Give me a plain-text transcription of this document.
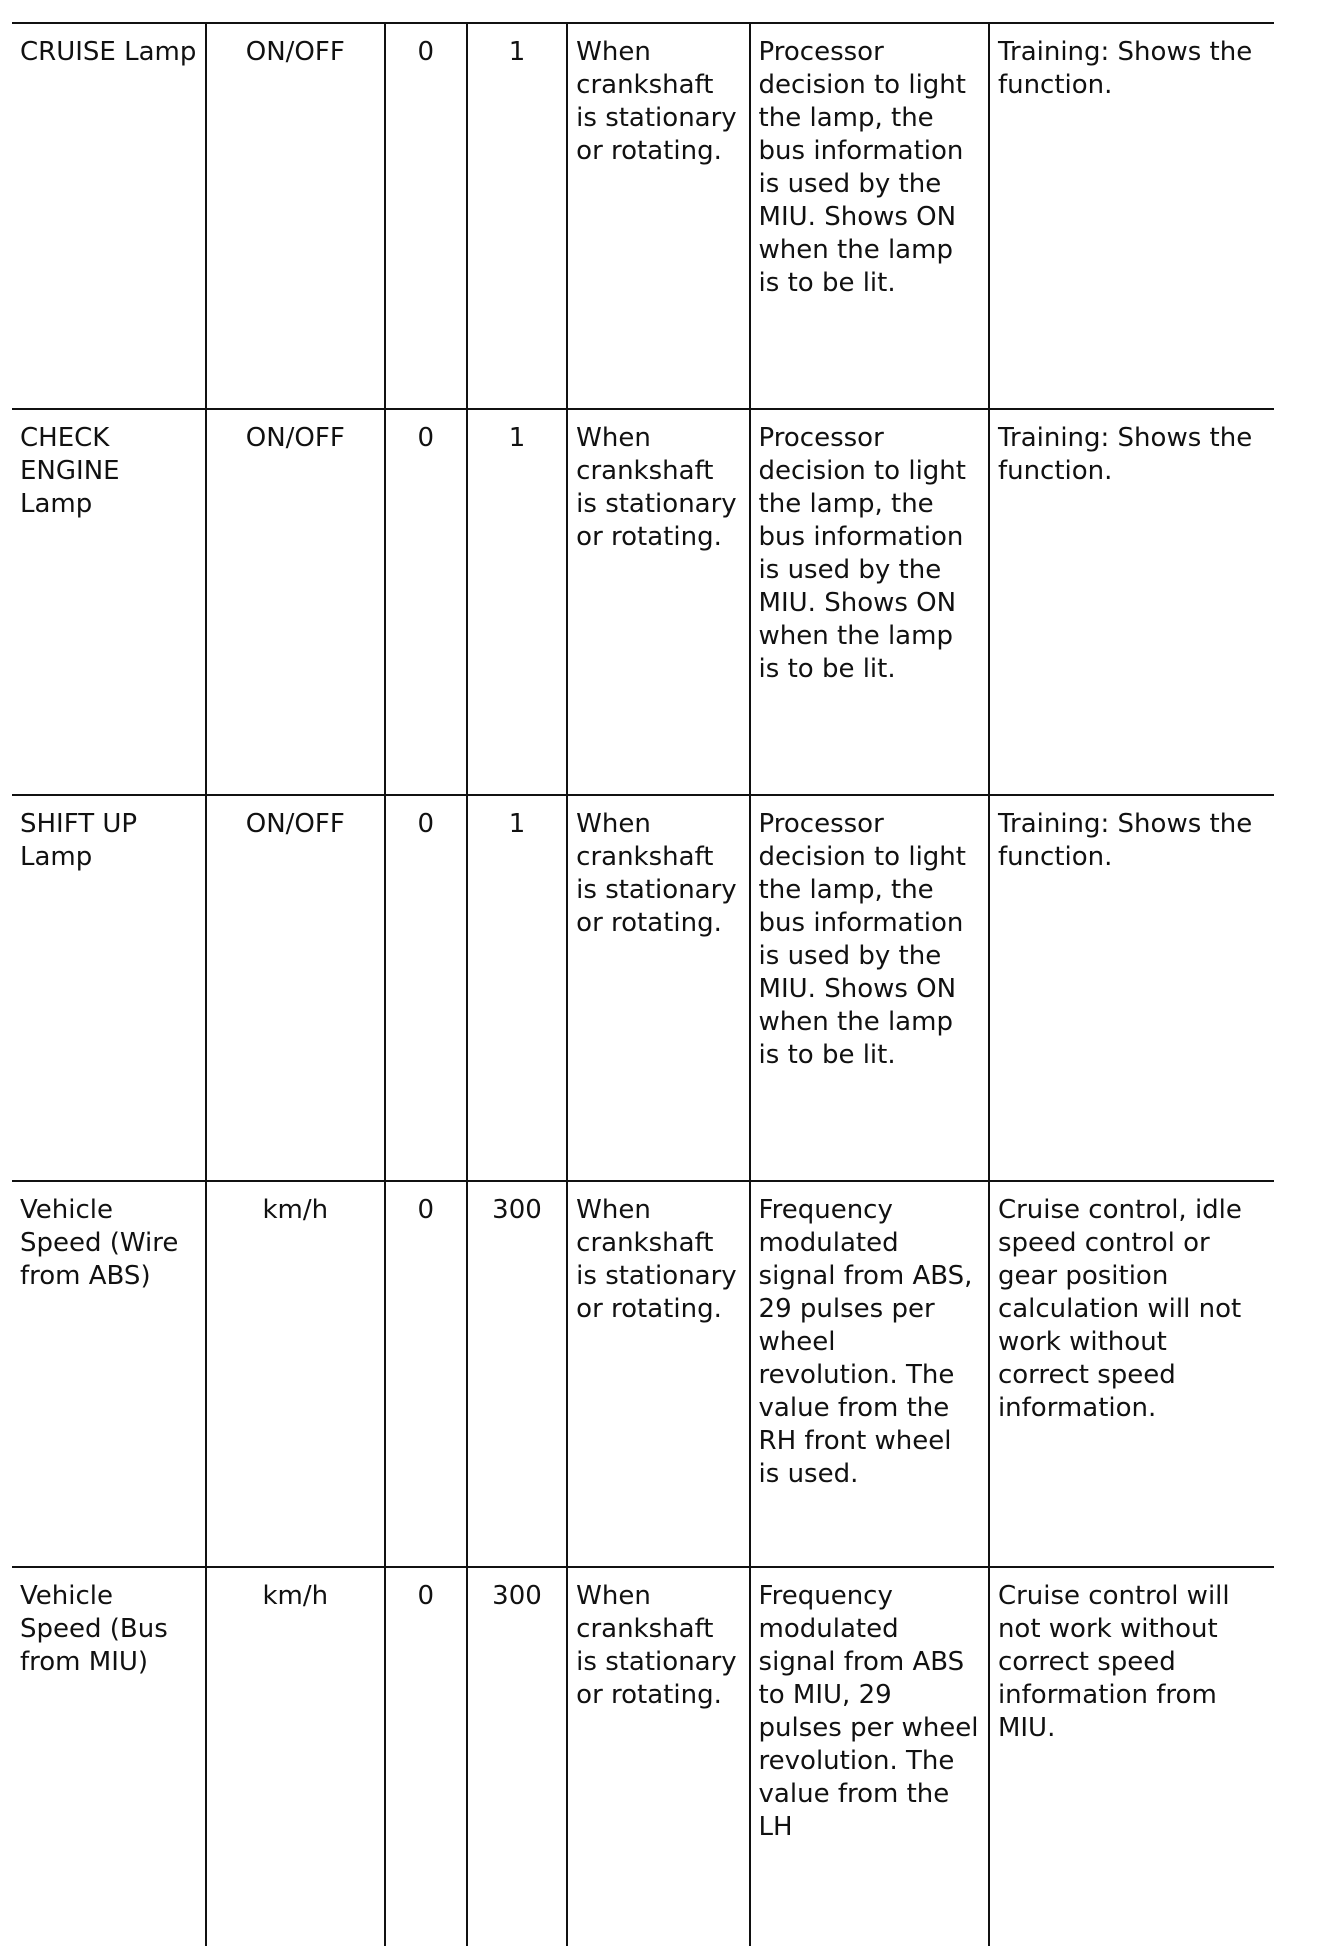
CRUISE Lamp	ON/OFF	0	1	When crankshaft is stationary or rotating.	Processor decision to light the lamp, the bus information is used by the MIU. Shows ON when the lamp is to be lit.	Training: Shows the function.

CHECK ENGINE Lamp	ON/OFF	0	1	When crankshaft is stationary or rotating.	Processor decision to light the lamp, the bus information is used by the MIU. Shows ON when the lamp is to be lit.	Training: Shows the function.

SHIFT UP Lamp	ON/OFF	0	1	When crankshaft is stationary or rotating.	Processor decision to light the lamp, the bus information is used by the MIU. Shows ON when the lamp is to be lit.	Training: Shows the function.

Vehicle Speed (Wire from ABS)	km/h	0	300	When crankshaft is stationary or rotating.	Frequency modulated signal from ABS, 29 pulses per wheel revolution. The value from the RH front wheel is used.	Cruise control, idle speed control or gear position calculation will not work without correct speed information.

Vehicle Speed (Bus from MIU)	km/h	0	300	When crankshaft is stationary or rotating.	Frequency modulated signal from ABS to MIU, 29 pulses per wheel revolution. The value from the LH	Cruise control will not work without correct speed information from MIU.
